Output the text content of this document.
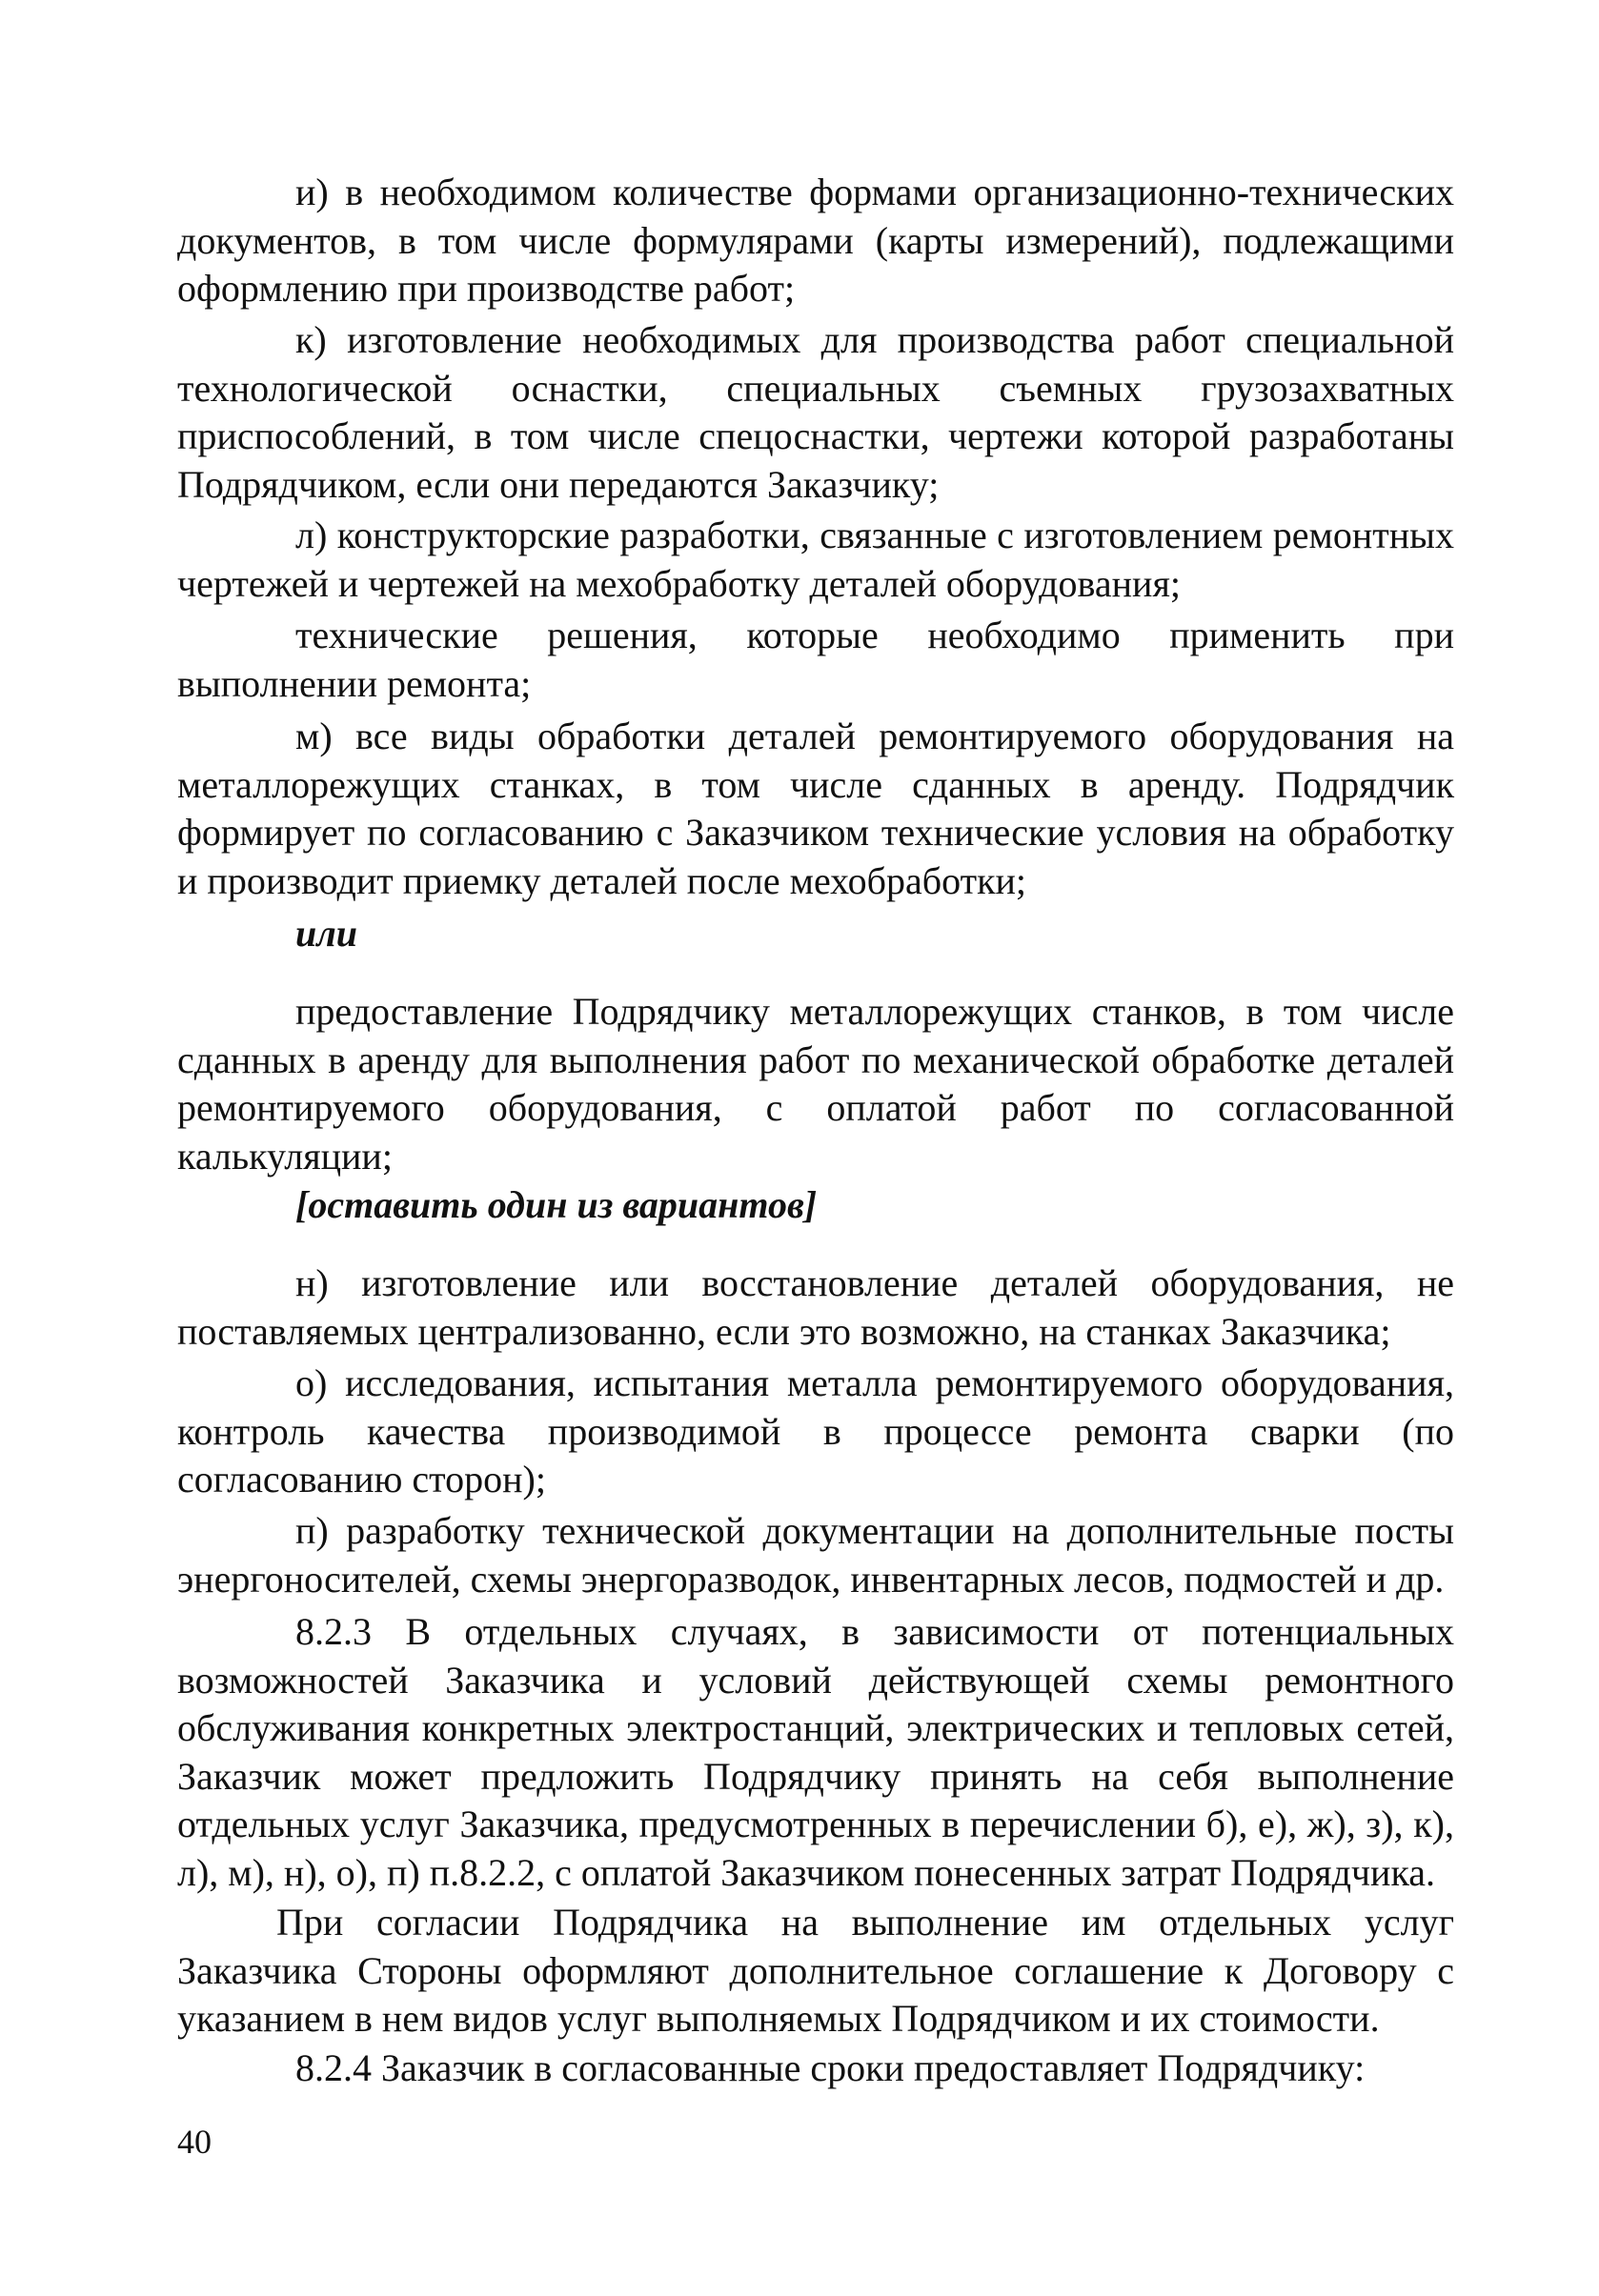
и) в необходимом количестве формами организационно-технических документов, в том числе формулярами (карты измерений), подлежащими оформлению при производстве работ;

к) изготовление необходимых для производства работ специальной технологической оснастки, специальных съемных грузозахватных приспособлений, в том числе спецоснастки, чертежи которой разработаны Подрядчиком, если они передаются Заказчику;

л) конструкторские разработки, связанные с изготовлением ремонтных чертежей и чертежей на мехобработку деталей оборудования;

технические решения, которые необходимо применить при выполнении ремонта;

м) все виды обработки деталей ремонтируемого оборудования на металлорежущих станках, в том числе сданных в аренду. Подрядчик формирует по согласованию с Заказчиком технические условия на обработку и производит приемку деталей после мехобработки;

или

предоставление Подрядчику металлорежущих станков, в том числе сданных в аренду для выполнения работ по механической обработке деталей ремонтируемого оборудования, с оплатой работ по согласованной калькуляции;

[оставить один из вариантов]

н) изготовление или восстановление деталей оборудования, не поставляемых централизованно, если это возможно, на станках Заказчика;

о) исследования, испытания металла ремонтируемого оборудования, контроль качества производимой в процессе ремонта сварки (по согласованию сторон);

п) разработку технической документации на дополнительные посты энергоносителей, схемы энергоразводок, инвентарных лесов, подмостей и др.

8.2.3 В отдельных случаях, в зависимости от потенциальных возможностей Заказчика и условий действующей схемы ремонтного обслуживания конкретных электростанций, электрических и тепловых сетей, Заказчик может предложить Подрядчику принять на себя выполнение отдельных услуг Заказчика, предусмотренных в перечислении б), е), ж), з), к), л), м), н), о), п) п.8.2.2, с оплатой Заказчиком понесенных затрат Подрядчика.

При согласии Подрядчика на выполнение им отдельных услуг Заказчика Стороны оформляют дополнительное соглашение к Договору с указанием в нем видов услуг выполняемых Подрядчиком и их стоимости.

8.2.4 Заказчик в согласованные сроки предоставляет Подрядчику:

40
